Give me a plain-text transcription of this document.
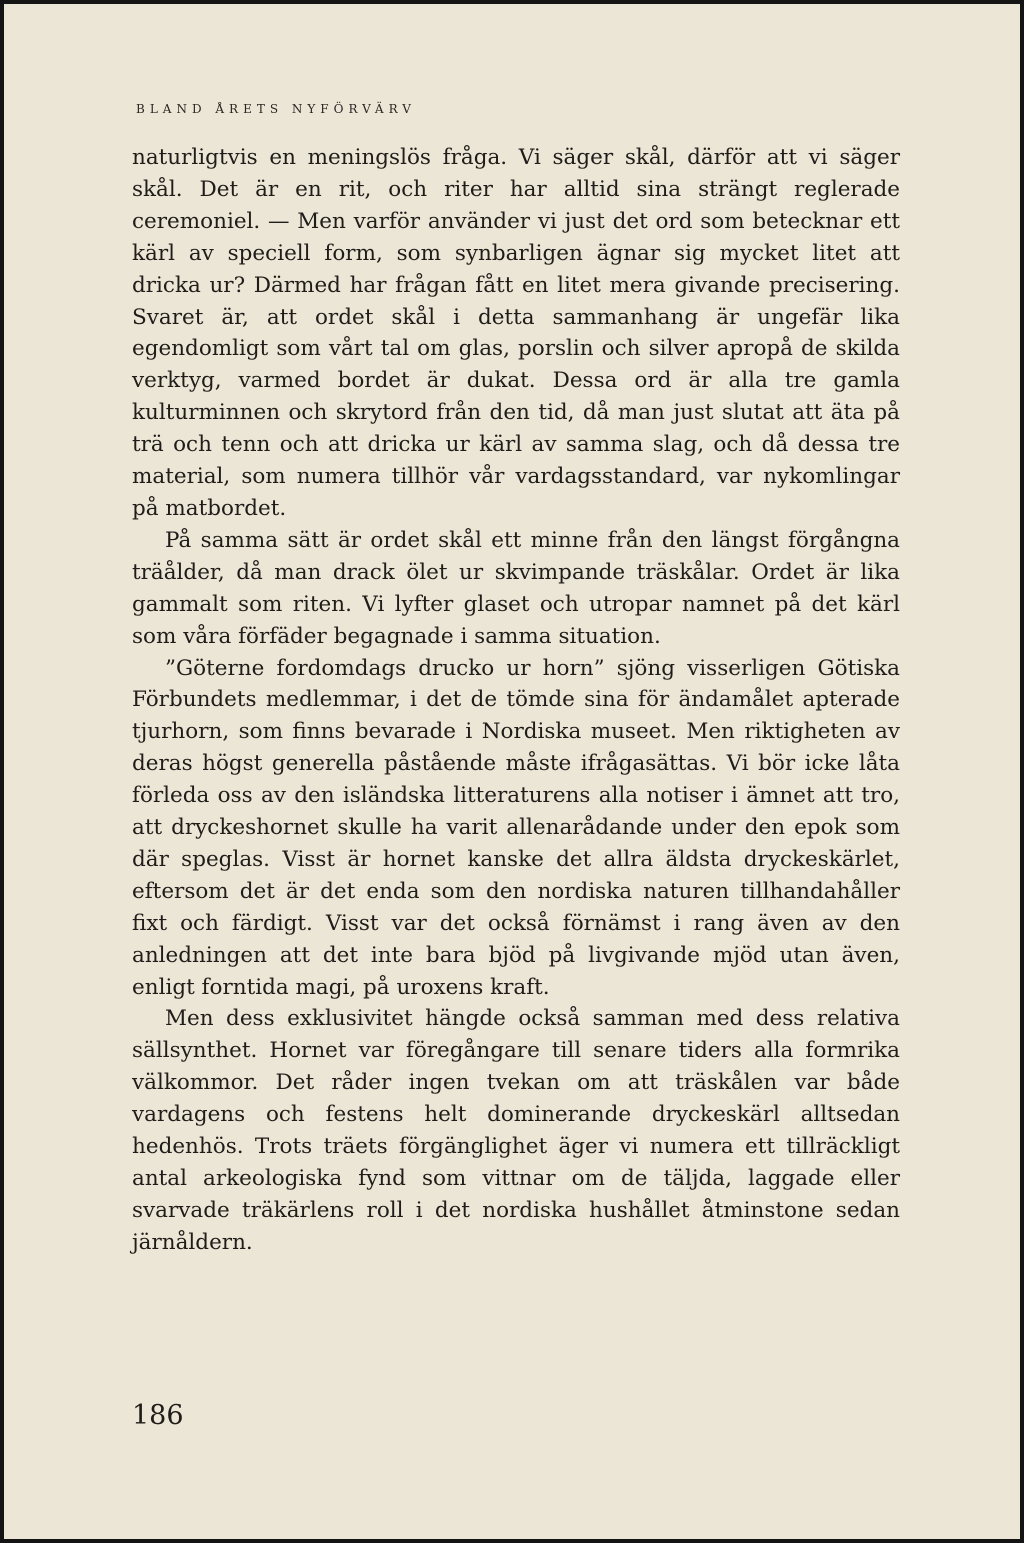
BLAND ÅRETS NYFÖRVÄRV

naturligtvis en meningslös fråga. Vi säger skål, därför att vi säger skål. Det är en rit, och riter har alltid sina strängt reglerade ceremoniel. — Men varför använder vi just det ord som betecknar ett kärl av speciell form, som synbarligen ägnar sig mycket litet att dricka ur? Därmed har frågan fått en litet mera givande precisering. Svaret är, att ordet skål i detta sammanhang är ungefär lika egendomligt som vårt tal om glas, porslin och silver apropå de skilda verktyg, varmed bordet är dukat. Dessa ord är alla tre gamla kulturminnen och skrytord från den tid, då man just slutat att äta på trä och tenn och att dricka ur kärl av samma slag, och då dessa tre material, som numera tillhör vår vardagsstandard, var nykomlingar på matbordet.

På samma sätt är ordet skål ett minne från den längst förgångna träålder, då man drack ölet ur skvimpande träskålar. Ordet är lika gammalt som riten. Vi lyfter glaset och utropar namnet på det kärl som våra förfäder begagnade i samma situation.

”Göterne fordomdags drucko ur horn” sjöng visserligen Götiska Förbundets medlemmar, i det de tömde sina för ändamålet apterade tjurhorn, som finns bevarade i Nordiska museet. Men riktigheten av deras högst generella påstående måste ifrågasättas. Vi bör icke låta förleda oss av den isländska litteraturens alla notiser i ämnet att tro, att dryckeshornet skulle ha varit allenarådande under den epok som där speglas. Visst är hornet kanske det allra äldsta dryckeskärlet, eftersom det är det enda som den nordiska naturen tillhandahåller fixt och färdigt. Visst var det också förnämst i rang även av den anledningen att det inte bara bjöd på livgivande mjöd utan även, enligt forntida magi, på uroxens kraft.

Men dess exklusivitet hängde också samman med dess relativa sällsynthet. Hornet var föregångare till senare tiders alla formrika välkommor. Det råder ingen tvekan om att träskålen var både vardagens och festens helt dominerande dryckeskärl alltsedan hedenhös. Trots träets förgänglighet äger vi numera ett tillräckligt antal arkeologiska fynd som vittnar om de täljda, laggade eller svarvade träkärlens roll i det nordiska hushållet åtminstone sedan järnåldern.

186
